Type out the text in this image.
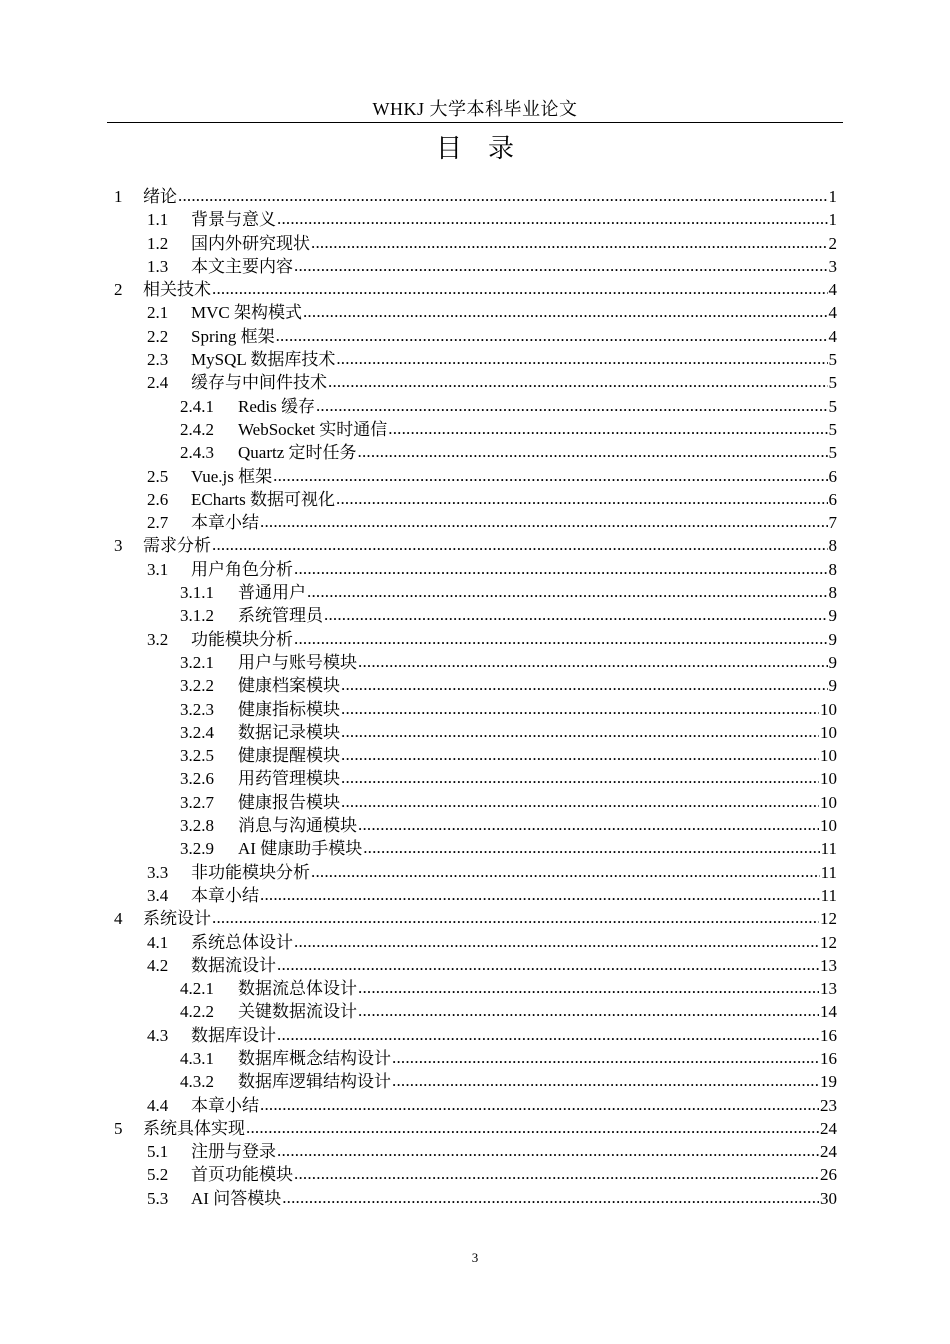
WHKJ 大学本科毕业论文
目　录
1	绪论 .....	1
1.1	背景与意义 .....	1
1.2	国内外研究现状 .....	2
1.3	本文主要内容 .....	3
2	相关技术 .....	4
2.1	MVC 架构模式 .....	4
2.2	Spring 框架 .....	4
2.3	MySQL 数据库技术 .....	5
2.4	缓存与中间件技术 .....	5
2.4.1	Redis 缓存 .....	5
2.4.2	WebSocket 实时通信 .....	5
2.4.3	Quartz 定时任务 .....	5
2.5	Vue.js 框架 .....	6
2.6	ECharts 数据可视化 .....	6
2.7	本章小结 .....	7
3	需求分析 .....	8
3.1	用户角色分析 .....	8
3.1.1	普通用户 .....	8
3.1.2	系统管理员 .....	9
3.2	功能模块分析 .....	9
3.2.1	用户与账号模块 .....	9
3.2.2	健康档案模块 .....	9
3.2.3	健康指标模块 .....	10
3.2.4	数据记录模块 .....	10
3.2.5	健康提醒模块 .....	10
3.2.6	用药管理模块 .....	10
3.2.7	健康报告模块 .....	10
3.2.8	消息与沟通模块 .....	10
3.2.9	AI 健康助手模块 .....	11
3.3	非功能模块分析 .....	11
3.4	本章小结 .....	11
4	系统设计 .....	12
4.1	系统总体设计 .....	12
4.2	数据流设计 .....	13
4.2.1	数据流总体设计 .....	13
4.2.2	关键数据流设计 .....	14
4.3	数据库设计 .....	16
4.3.1	数据库概念结构设计 .....	16
4.3.2	数据库逻辑结构设计 .....	19
4.4	本章小结 .....	23
5	系统具体实现 .....	24
5.1	注册与登录 .....	24
5.2	首页功能模块 .....	26
5.3	AI 问答模块 .....	30
3
